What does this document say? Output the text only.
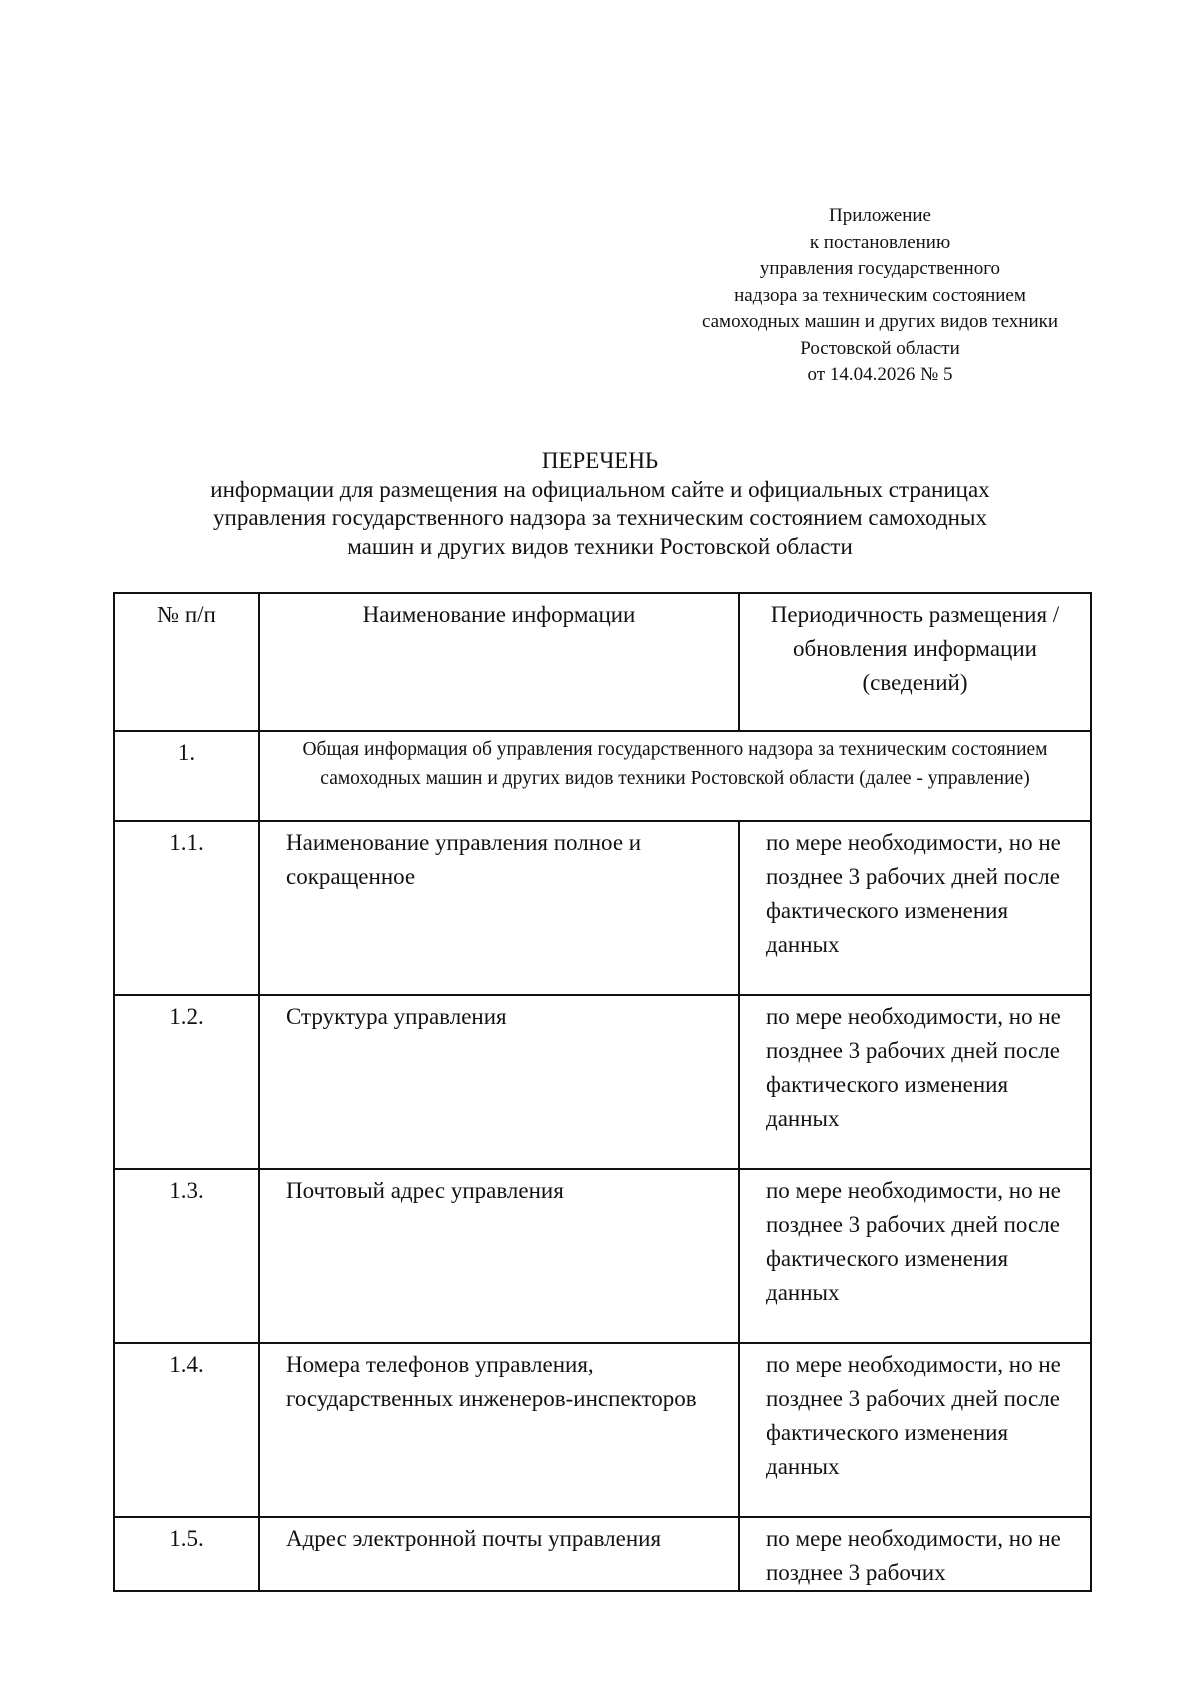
Приложение
к постановлению
управления государственного
надзора за техническим состоянием
самоходных машин и других видов техники
Ростовской области
от 14.04.2026 № 5
ПЕРЕЧЕНЬ
информации для размещения на официальном сайте и официальных страницах
управления государственного надзора за техническим состоянием самоходных
машин и других видов техники Ростовской области
№ п/п	Наименование информации	Периодичность размещения / обновления информации (сведений)
1.	Общая информация об управления государственного надзора за техническим состоянием самоходных машин и других видов техники Ростовской области (далее - управление)	
1.1.	Наименование управления полное и сокращенное	по мере необходимости, но не позднее 3 рабочих дней после фактического изменения данных
1.2.	Структура управления	по мере необходимости, но не позднее 3 рабочих дней после фактического изменения данных
1.3.	Почтовый адрес управления	по мере необходимости, но не позднее 3 рабочих дней после фактического изменения данных
1.4.	Номера телефонов управления, государственных инженеров-инспекторов	по мере необходимости, но не позднее 3 рабочих дней после фактического изменения данных
1.5.	Адрес электронной почты управления	по мере необходимости, но не позднее 3 рабочих
